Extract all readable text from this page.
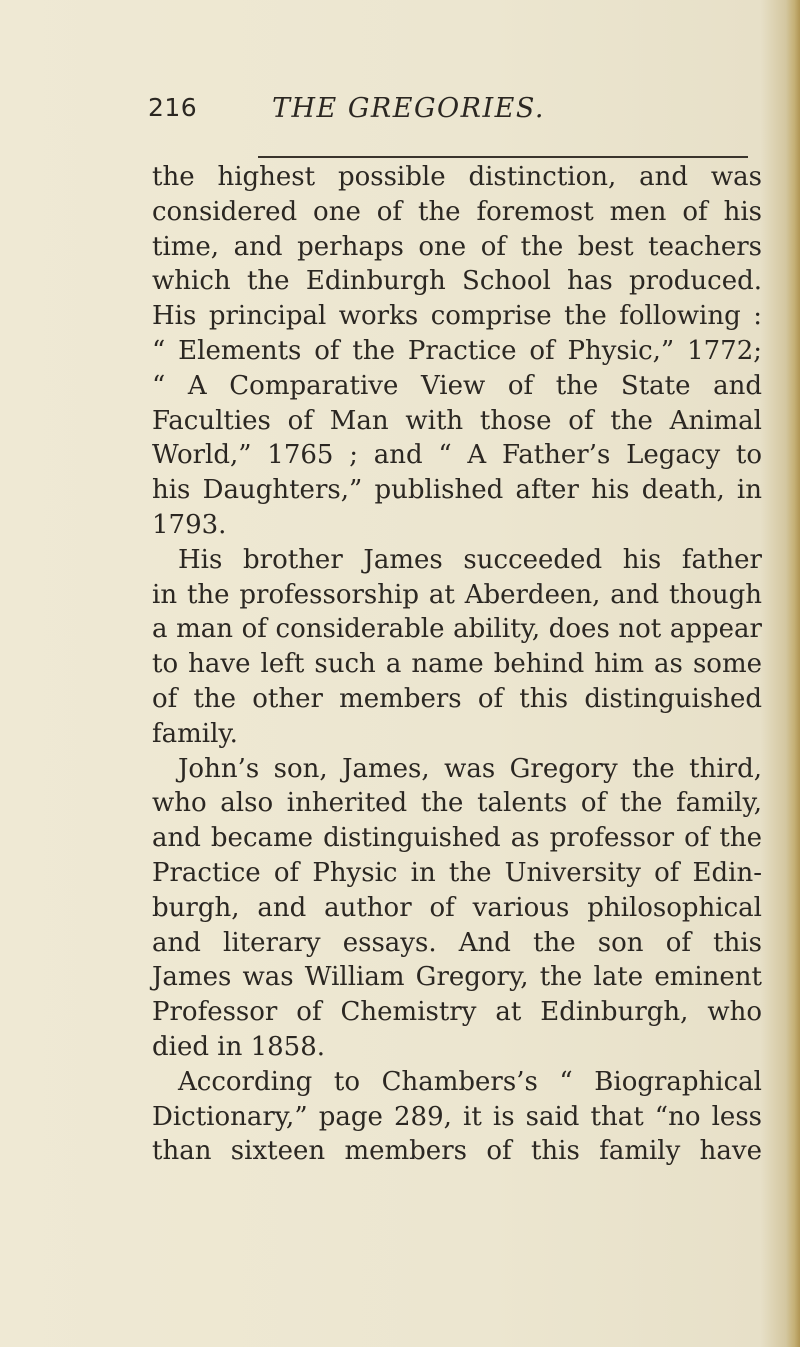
216	THE GREGORIES.
the highest possible distinction, and was
considered one of the foremost men of his
time, and perhaps one of the best teachers
which the Edinburgh School has produced.
His principal works comprise the following :
“ Elements of the Practice of Physic,” 1772;
“ A Comparative View of the State and
Faculties of Man with those of the Animal
World,” 1765 ; and “ A Father’s Legacy to
his Daughters,” published after his death, in
1793.
His brother James succeeded his father
in the professorship at Aberdeen, and though
a man of considerable ability, does not appear
to have left such a name behind him as some
of the other members of this distinguished
family.
John’s son, James, was Gregory the third,
who also inherited the talents of the family,
and became distinguished as professor of the
Practice of Physic in the University of Edin-
burgh, and author of various philosophical
and literary essays. And the son of this
James was William Gregory, the late eminent
Professor of Chemistry at Edinburgh, who
died in 1858.
According to Chambers’s “ Biographical
Dictionary,” page 289, it is said that “no less
than sixteen members of this family have
